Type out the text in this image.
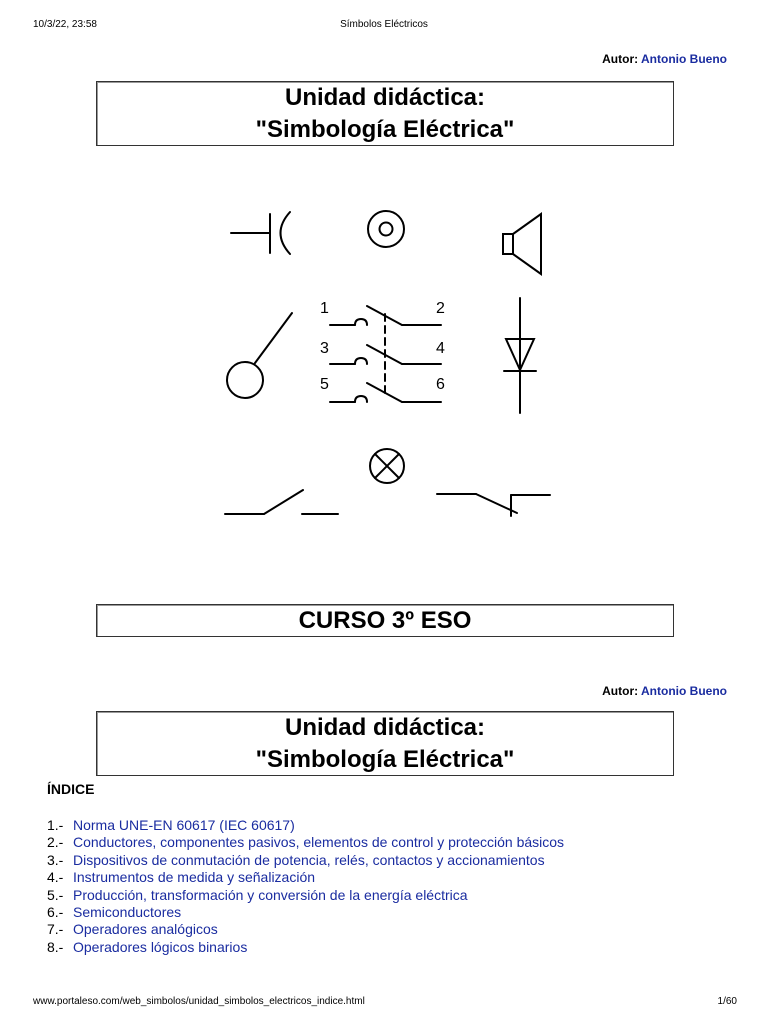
10/3/22, 23:58	Símbolos Eléctricos
Autor: Antonio Bueno
Unidad didáctica:
"Simbología Eléctrica"
1	2
3	4
5	6
CURSO 3º ESO
Autor: Antonio Bueno
Unidad didáctica:
"Simbología Eléctrica"
ÍNDICE
1.- Norma UNE-EN 60617 (IEC 60617)
2.- Conductores, componentes pasivos, elementos de control y protección básicos
3.- Dispositivos de conmutación de potencia, relés, contactos y accionamientos
4.- Instrumentos de medida y señalización
5.- Producción, transformación y conversión de la energía eléctrica
6.- Semiconductores
7.- Operadores analógicos
8.- Operadores lógicos binarios
www.portaleso.com/web_simbolos/unidad_simbolos_electricos_indice.html	1/60
